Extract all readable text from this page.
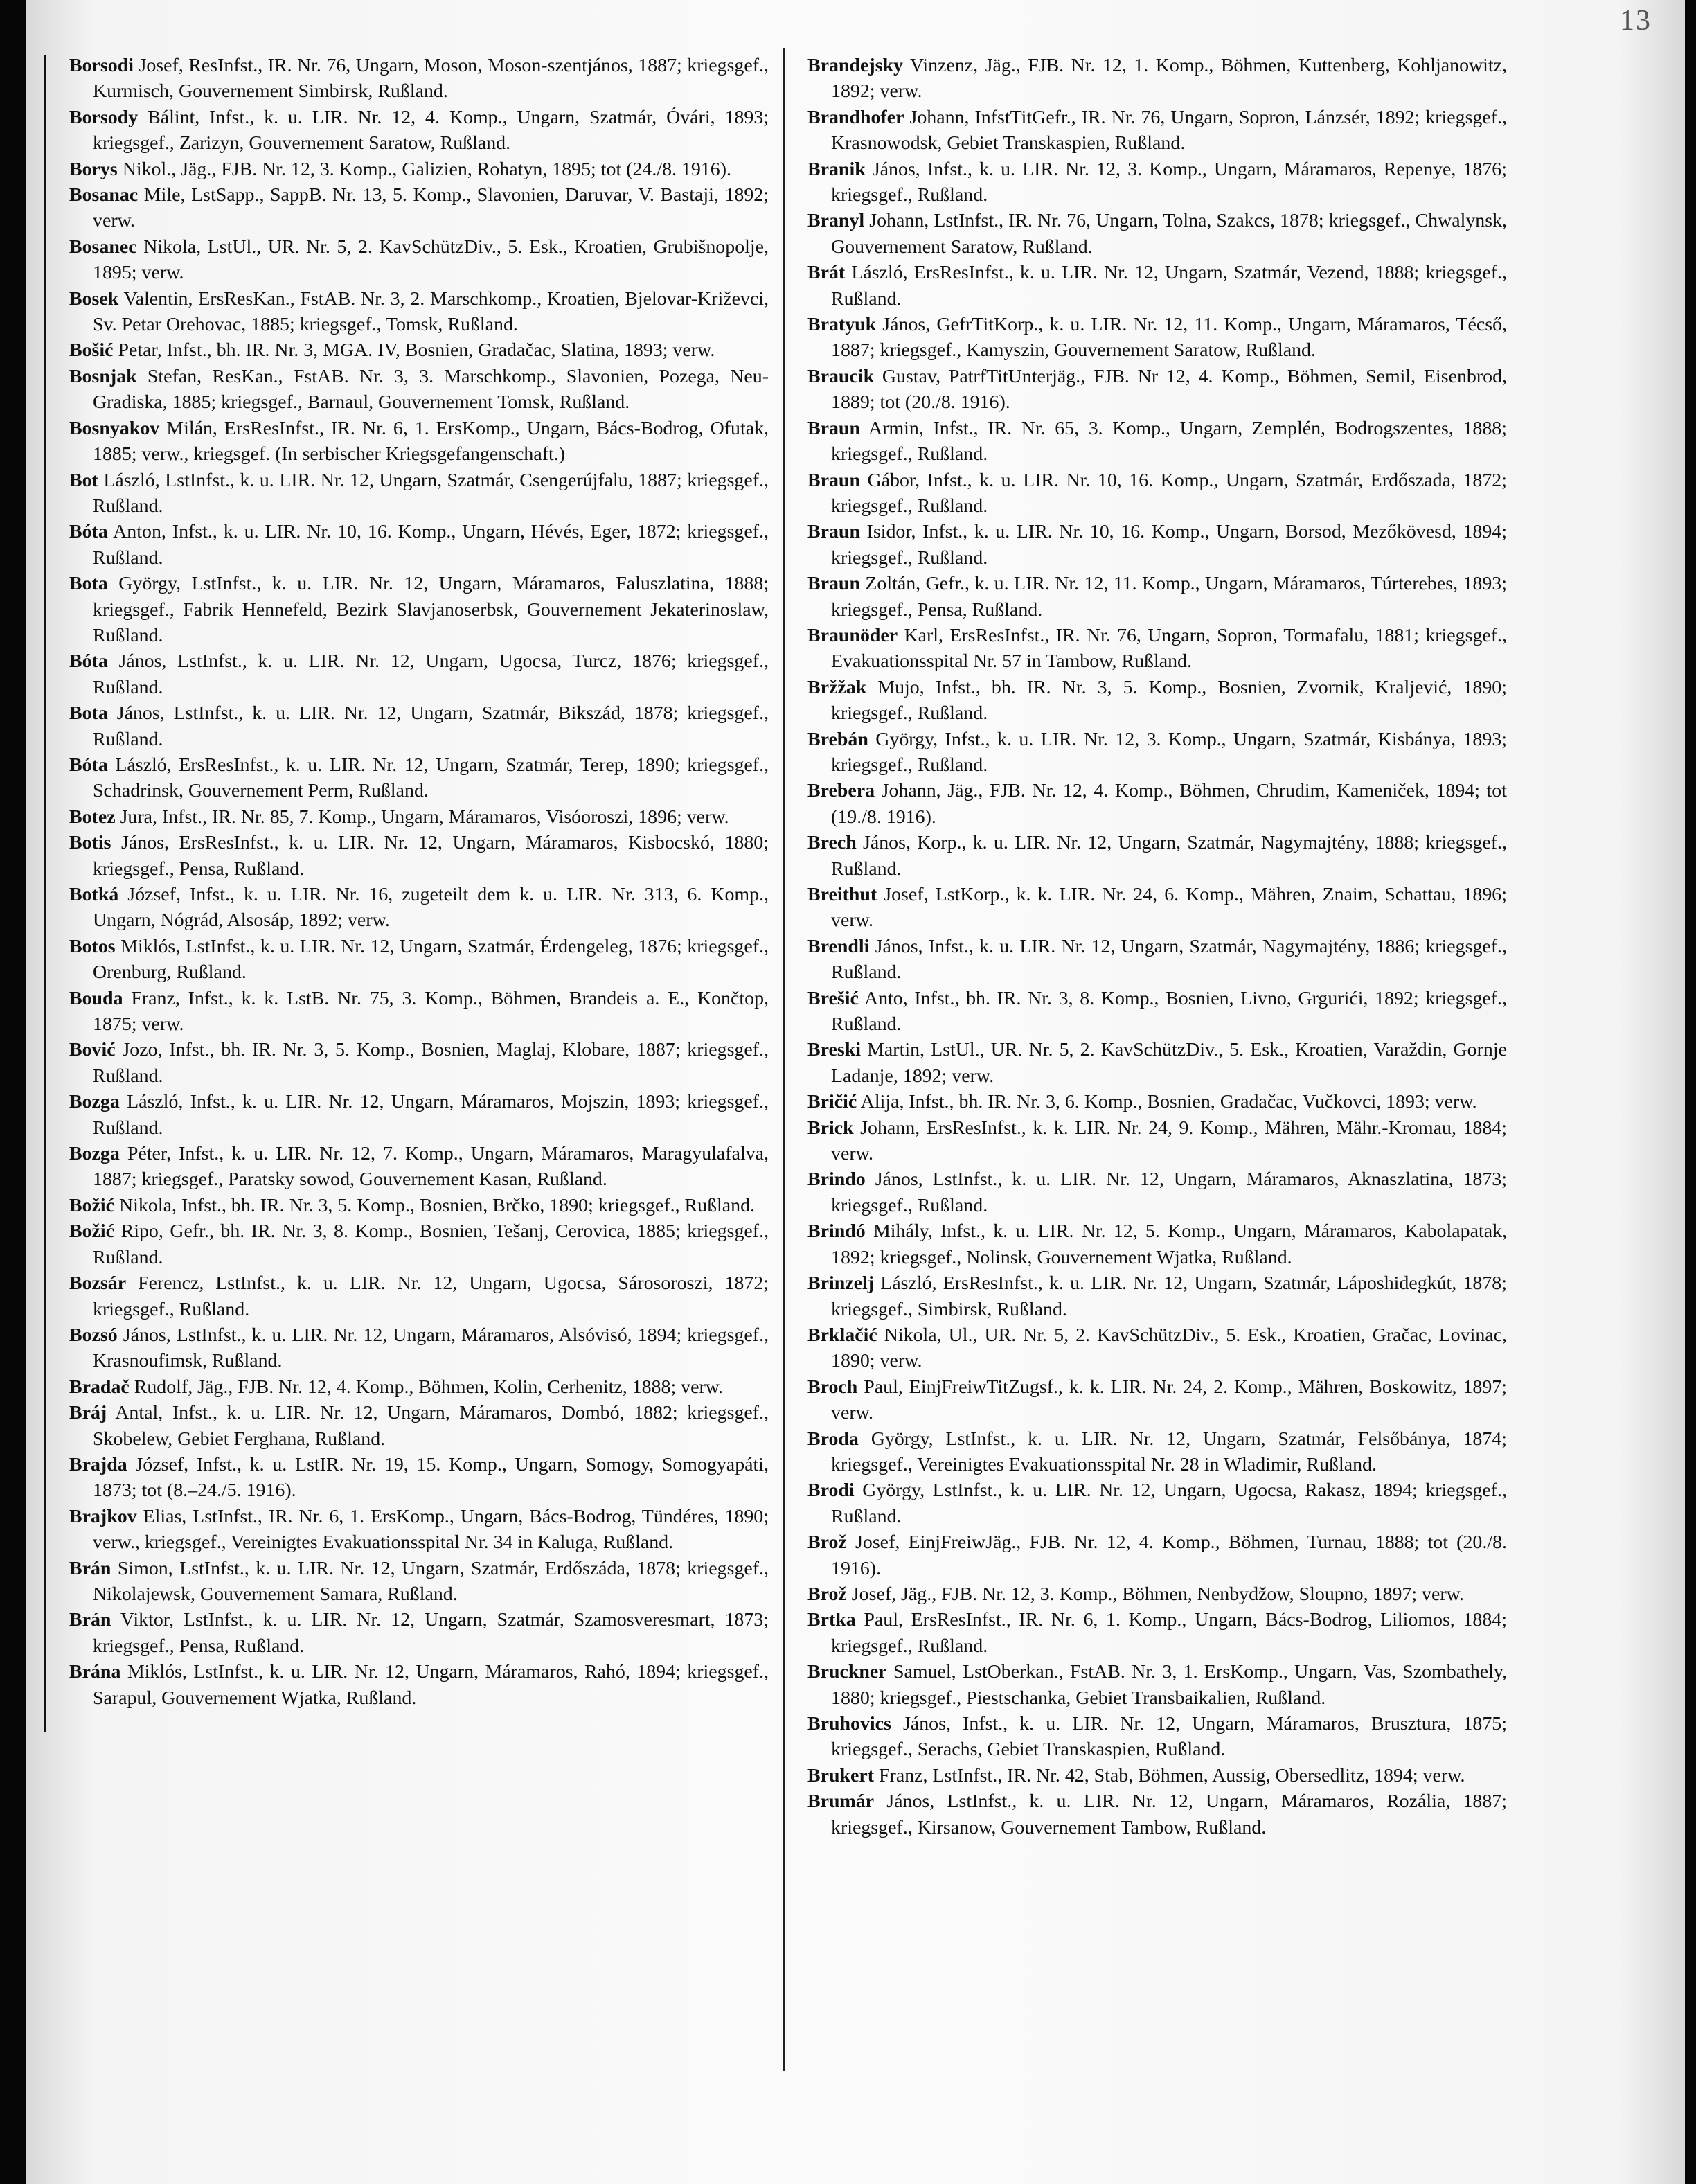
13

Borsodi Josef, ResInfst., IR. Nr. 76, Ungarn, Moson, Moson-szentjános, 1887; kriegsgef., Kurmisch, Gouvernement Simbirsk, Rußland.

Borsody Bálint, Infst., k. u. LIR. Nr. 12, 4. Komp., Ungarn, Szatmár, Óvári, 1893; kriegsgef., Zarizyn, Gouvernement Saratow, Rußland.

Borys Nikol., Jäg., FJB. Nr. 12, 3. Komp., Galizien, Rohatyn, 1895; tot (24./8. 1916).

Bosanac Mile, LstSapp., SappB. Nr. 13, 5. Komp., Slavonien, Daruvar, V. Bastaji, 1892; verw.

Bosanec Nikola, LstUl., UR. Nr. 5, 2. KavSchützDiv., 5. Esk., Kroatien, Grubišnopolje, 1895; verw.

Bosek Valentin, ErsResKan., FstAB. Nr. 3, 2. Marschkomp., Kroatien, Bjelovar-Križevci, Sv. Petar Orehovac, 1885; kriegsgef., Tomsk, Rußland.

Bošić Petar, Infst., bh. IR. Nr. 3, MGA. IV, Bosnien, Gradačac, Slatina, 1893; verw.

Bosnjak Stefan, ResKan., FstAB. Nr. 3, 3. Marschkomp., Slavonien, Pozega, Neu-Gradiska, 1885; kriegsgef., Barnaul, Gouvernement Tomsk, Rußland.

Bosnyakov Milán, ErsResInfst., IR. Nr. 6, 1. ErsKomp., Ungarn, Bács-Bodrog, Ofutak, 1885; verw., kriegsgef. (In serbischer Kriegsgefangenschaft.)

Bot László, LstInfst., k. u. LIR. Nr. 12, Ungarn, Szatmár, Csengerújfalu, 1887; kriegsgef., Rußland.

Bóta Anton, Infst., k. u. LIR. Nr. 10, 16. Komp., Ungarn, Hévés, Eger, 1872; kriegsgef., Rußland.

Bota György, LstInfst., k. u. LIR. Nr. 12, Ungarn, Máramaros, Faluszlatina, 1888; kriegsgef., Fabrik Hennefeld, Bezirk Slavjanoserbsk, Gouvernement Jekaterinoslaw, Rußland.

Bóta János, LstInfst., k. u. LIR. Nr. 12, Ungarn, Ugocsa, Turcz, 1876; kriegsgef., Rußland.

Bota János, LstInfst., k. u. LIR. Nr. 12, Ungarn, Szatmár, Bikszád, 1878; kriegsgef., Rußland.

Bóta László, ErsResInfst., k. u. LIR. Nr. 12, Ungarn, Szatmár, Terep, 1890; kriegsgef., Schadrinsk, Gouvernement Perm, Rußland.

Botez Jura, Infst., IR. Nr. 85, 7. Komp., Ungarn, Máramaros, Visóoroszi, 1896; verw.

Botis János, ErsResInfst., k. u. LIR. Nr. 12, Ungarn, Máramaros, Kisbocskó, 1880; kriegsgef., Pensa, Rußland.

Botká József, Infst., k. u. LIR. Nr. 16, zugeteilt dem k. u. LIR. Nr. 313, 6. Komp., Ungarn, Nógrád, Alsosáp, 1892; verw.

Botos Miklós, LstInfst., k. u. LIR. Nr. 12, Ungarn, Szatmár, Érdengeleg, 1876; kriegsgef., Orenburg, Rußland.

Bouda Franz, Infst., k. k. LstB. Nr. 75, 3. Komp., Böhmen, Brandeis a. E., Končtop, 1875; verw.

Bović Jozo, Infst., bh. IR. Nr. 3, 5. Komp., Bosnien, Maglaj, Klobare, 1887; kriegsgef., Rußland.

Bozga László, Infst., k. u. LIR. Nr. 12, Ungarn, Máramaros, Mojszin, 1893; kriegsgef., Rußland.

Bozga Péter, Infst., k. u. LIR. Nr. 12, 7. Komp., Ungarn, Máramaros, Maragyulafalva, 1887; kriegsgef., Paratsky sowod, Gouvernement Kasan, Rußland.

Božić Nikola, Infst., bh. IR. Nr. 3, 5. Komp., Bosnien, Brčko, 1890; kriegsgef., Rußland.

Božić Ripo, Gefr., bh. IR. Nr. 3, 8. Komp., Bosnien, Tešanj, Cerovica, 1885; kriegsgef., Rußland.

Bozsár Ferencz, LstInfst., k. u. LIR. Nr. 12, Ungarn, Ugocsa, Sárosoroszi, 1872; kriegsgef., Rußland.

Bozsó János, LstInfst., k. u. LIR. Nr. 12, Ungarn, Máramaros, Alsóvisó, 1894; kriegsgef., Krasnoufimsk, Rußland.

Bradač Rudolf, Jäg., FJB. Nr. 12, 4. Komp., Böhmen, Kolin, Cerhenitz, 1888; verw.

Bráj Antal, Infst., k. u. LIR. Nr. 12, Ungarn, Máramaros, Dombó, 1882; kriegsgef., Skobelew, Gebiet Ferghana, Rußland.

Brajda József, Infst., k. u. LstIR. Nr. 19, 15. Komp., Ungarn, Somogy, Somogyapáti, 1873; tot (8.–24./5. 1916).

Brajkov Elias, LstInfst., IR. Nr. 6, 1. ErsKomp., Ungarn, Bács-Bodrog, Tündéres, 1890; verw., kriegsgef., Vereinigtes Evakuationsspital Nr. 34 in Kaluga, Rußland.

Brán Simon, LstInfst., k. u. LIR. Nr. 12, Ungarn, Szatmár, Erdőszáda, 1878; kriegsgef., Nikolajewsk, Gouvernement Samara, Rußland.

Brán Viktor, LstInfst., k. u. LIR. Nr. 12, Ungarn, Szatmár, Szamosveresmart, 1873; kriegsgef., Pensa, Rußland.

Brána Miklós, LstInfst., k. u. LIR. Nr. 12, Ungarn, Máramaros, Rahó, 1894; kriegsgef., Sarapul, Gouvernement Wjatka, Rußland.

Brandejsky Vinzenz, Jäg., FJB. Nr. 12, 1. Komp., Böhmen, Kuttenberg, Kohljanowitz, 1892; verw.

Brandhofer Johann, InfstTitGefr., IR. Nr. 76, Ungarn, Sopron, Lánzsér, 1892; kriegsgef., Krasnowodsk, Gebiet Transkaspien, Rußland.

Branik János, Infst., k. u. LIR. Nr. 12, 3. Komp., Ungarn, Máramaros, Repenye, 1876; kriegsgef., Rußland.

Branyl Johann, LstInfst., IR. Nr. 76, Ungarn, Tolna, Szakcs, 1878; kriegsgef., Chwalynsk, Gouvernement Saratow, Rußland.

Brát László, ErsResInfst., k. u. LIR. Nr. 12, Ungarn, Szatmár, Vezend, 1888; kriegsgef., Rußland.

Bratyuk János, GefrTitKorp., k. u. LIR. Nr. 12, 11. Komp., Ungarn, Máramaros, Técső, 1887; kriegsgef., Kamyszin, Gouvernement Saratow, Rußland.

Braucik Gustav, PatrfTitUnterjäg., FJB. Nr 12, 4. Komp., Böhmen, Semil, Eisenbrod, 1889; tot (20./8. 1916).

Braun Armin, Infst., IR. Nr. 65, 3. Komp., Ungarn, Zemplén, Bodrogszentes, 1888; kriegsgef., Rußland.

Braun Gábor, Infst., k. u. LIR. Nr. 10, 16. Komp., Ungarn, Szatmár, Erdőszada, 1872; kriegsgef., Rußland.

Braun Isidor, Infst., k. u. LIR. Nr. 10, 16. Komp., Ungarn, Borsod, Mezőkövesd, 1894; kriegsgef., Rußland.

Braun Zoltán, Gefr., k. u. LIR. Nr. 12, 11. Komp., Ungarn, Máramaros, Túrterebes, 1893; kriegsgef., Pensa, Rußland.

Braunöder Karl, ErsResInfst., IR. Nr. 76, Ungarn, Sopron, Tormafalu, 1881; kriegsgef., Evakuationsspital Nr. 57 in Tambow, Rußland.

Bržžak Mujo, Infst., bh. IR. Nr. 3, 5. Komp., Bosnien, Zvornik, Kraljević, 1890; kriegsgef., Rußland.

Brebán György, Infst., k. u. LIR. Nr. 12, 3. Komp., Ungarn, Szatmár, Kisbánya, 1893; kriegsgef., Rußland.

Brebera Johann, Jäg., FJB. Nr. 12, 4. Komp., Böhmen, Chrudim, Kameniček, 1894; tot (19./8. 1916).

Brech János, Korp., k. u. LIR. Nr. 12, Ungarn, Szatmár, Nagymajtény, 1888; kriegsgef., Rußland.

Breithut Josef, LstKorp., k. k. LIR. Nr. 24, 6. Komp., Mähren, Znaim, Schattau, 1896; verw.

Brendli János, Infst., k. u. LIR. Nr. 12, Ungarn, Szatmár, Nagymajtény, 1886; kriegsgef., Rußland.

Brešić Anto, Infst., bh. IR. Nr. 3, 8. Komp., Bosnien, Livno, Grgurići, 1892; kriegsgef., Rußland.

Breski Martin, LstUl., UR. Nr. 5, 2. KavSchützDiv., 5. Esk., Kroatien, Varaždin, Gornje Ladanje, 1892; verw.

Bričić Alija, Infst., bh. IR. Nr. 3, 6. Komp., Bosnien, Gradačac, Vučkovci, 1893; verw.

Brick Johann, ErsResInfst., k. k. LIR. Nr. 24, 9. Komp., Mähren, Mähr.-Kromau, 1884; verw.

Brindo János, LstInfst., k. u. LIR. Nr. 12, Ungarn, Máramaros, Aknaszlatina, 1873; kriegsgef., Rußland.

Brindó Mihály, Infst., k. u. LIR. Nr. 12, 5. Komp., Ungarn, Máramaros, Kabolapatak, 1892; kriegsgef., Nolinsk, Gouvernement Wjatka, Rußland.

Brinzelj László, ErsResInfst., k. u. LIR. Nr. 12, Ungarn, Szatmár, Láposhidegkút, 1878; kriegsgef., Simbirsk, Rußland.

Brklačić Nikola, Ul., UR. Nr. 5, 2. KavSchützDiv., 5. Esk., Kroatien, Gračac, Lovinac, 1890; verw.

Broch Paul, EinjFreiwTitZugsf., k. k. LIR. Nr. 24, 2. Komp., Mähren, Boskowitz, 1897; verw.

Broda György, LstInfst., k. u. LIR. Nr. 12, Ungarn, Szatmár, Felsőbánya, 1874; kriegsgef., Vereinigtes Evakuationsspital Nr. 28 in Wladimir, Rußland.

Brodi György, LstInfst., k. u. LIR. Nr. 12, Ungarn, Ugocsa, Rakasz, 1894; kriegsgef., Rußland.

Brož Josef, EinjFreiwJäg., FJB. Nr. 12, 4. Komp., Böhmen, Turnau, 1888; tot (20./8. 1916).

Brož Josef, Jäg., FJB. Nr. 12, 3. Komp., Böhmen, Nenbydžow, Sloupno, 1897; verw.

Brtka Paul, ErsResInfst., IR. Nr. 6, 1. Komp., Ungarn, Bács-Bodrog, Liliomos, 1884; kriegsgef., Rußland.

Bruckner Samuel, LstOberkan., FstAB. Nr. 3, 1. ErsKomp., Ungarn, Vas, Szombathely, 1880; kriegsgef., Piestschanka, Gebiet Transbaikalien, Rußland.

Bruhovics János, Infst., k. u. LIR. Nr. 12, Ungarn, Máramaros, Brusztura, 1875; kriegsgef., Serachs, Gebiet Transkaspien, Rußland.

Brukert Franz, LstInfst., IR. Nr. 42, Stab, Böhmen, Aussig, Obersedlitz, 1894; verw.

Brumár János, LstInfst., k. u. LIR. Nr. 12, Ungarn, Máramaros, Rozália, 1887; kriegsgef., Kirsanow, Gouvernement Tambow, Rußland.
